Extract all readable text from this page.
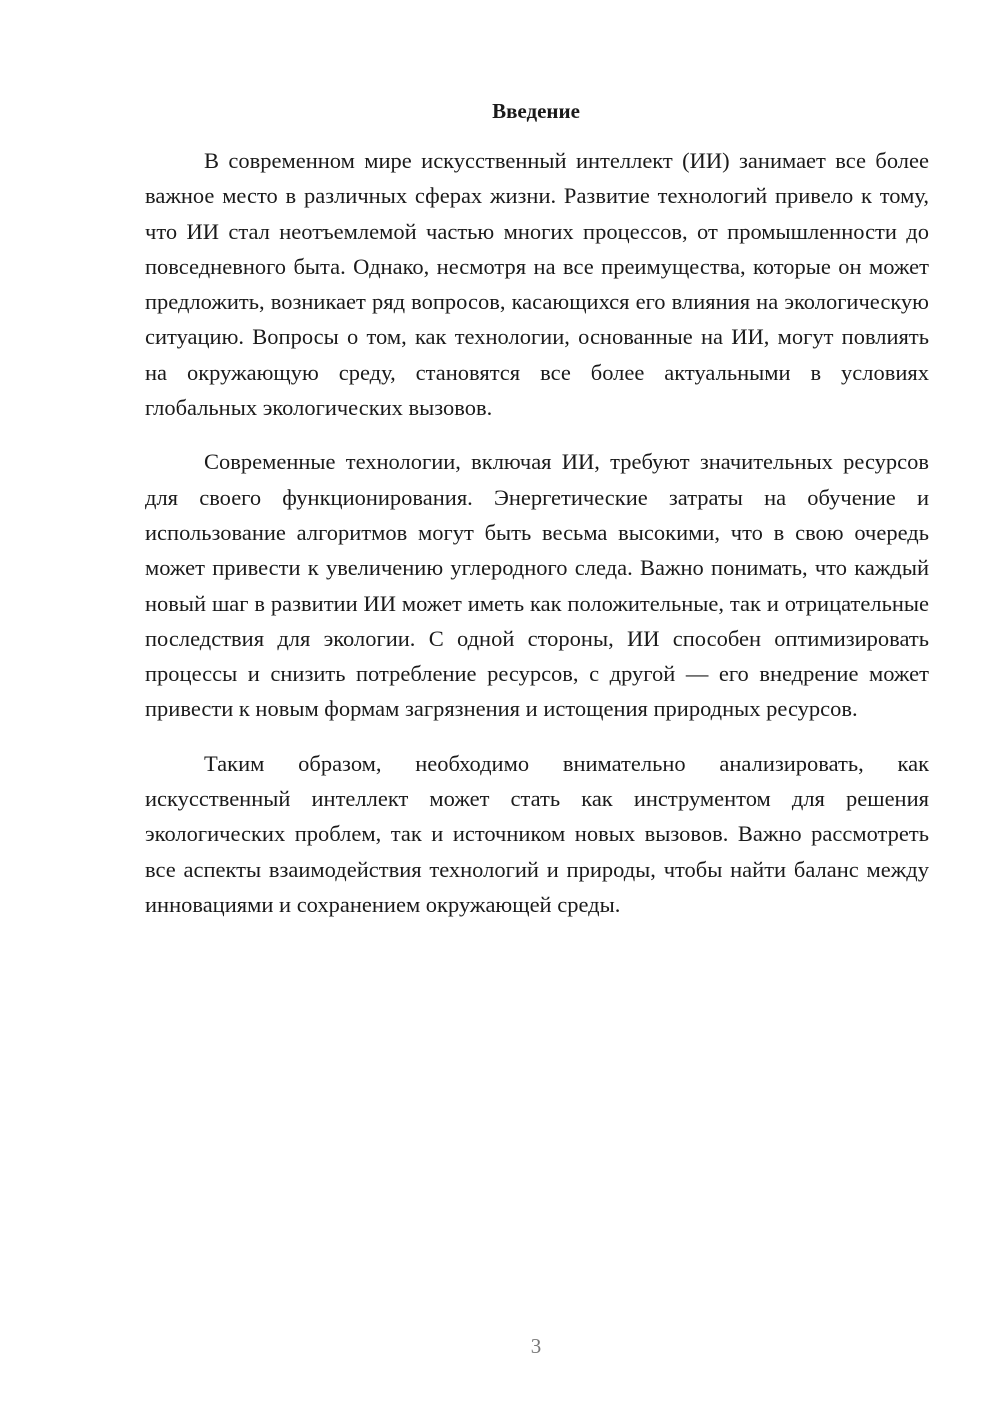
Введение

В современном мире искусственный интеллект (ИИ) занимает все более важное место в различных сферах жизни. Развитие технологий привело к тому, что ИИ стал неотъемлемой частью многих процессов, от промышленности до повседневного быта. Однако, несмотря на все преимущества, которые он может предложить, возникает ряд вопросов, касающихся его влияния на экологическую ситуацию. Вопросы о том, как технологии, основанные на ИИ, могут повлиять на окружающую среду, становятся все более актуальными в условиях глобальных экологических вызовов.

Современные технологии, включая ИИ, требуют значительных ресурсов для своего функционирования. Энергетические затраты на обучение и использование алгоритмов могут быть весьма высокими, что в свою очередь может привести к увеличению углеродного следа. Важно понимать, что каждый новый шаг в развитии ИИ может иметь как положительные, так и отрицательные последствия для экологии. С одной стороны, ИИ способен оптимизировать процессы и снизить потребление ресурсов, с другой — его внедрение может привести к новым формам загрязнения и истощения природных ресурсов.

Таким образом, необходимо внимательно анализировать, как искусственный интеллект может стать как инструментом для решения экологических проблем, так и источником новых вызовов. Важно рассмотреть все аспекты взаимодействия технологий и природы, чтобы найти баланс между инновациями и сохранением окружающей среды.

3
